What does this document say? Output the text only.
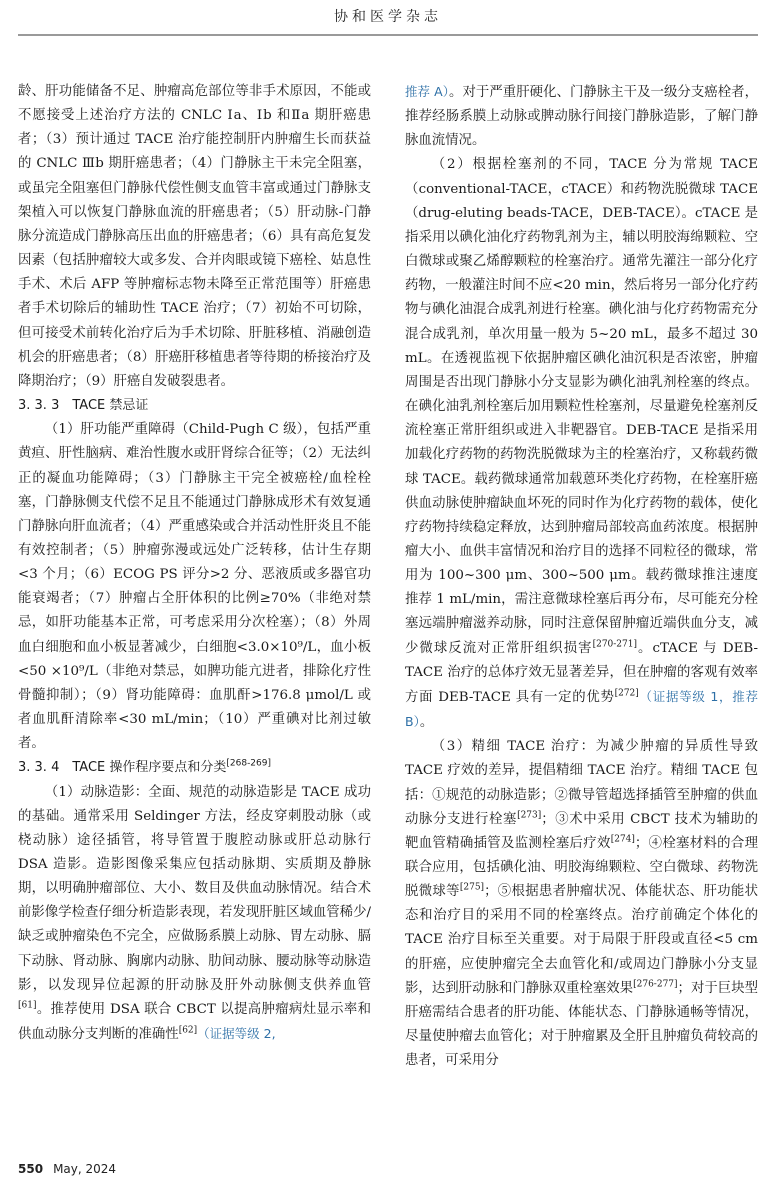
协和医学杂志

龄、肝功能储备不足、肿瘤高危部位等非手术原因，不能或不愿接受上述治疗方法的 CNLC Ⅰa、Ⅰb 和Ⅱa 期肝癌患者；（3）预计通过 TACE 治疗能控制肝内肿瘤生长而获益的 CNLC Ⅲb 期肝癌患者；（4）门静脉主干未完全阻塞，或虽完全阻塞但门静脉代偿性侧支血管丰富或通过门静脉支架植入可以恢复门静脉血流的肝癌患者；（5）肝动脉-门静脉分流造成门静脉高压出血的肝癌患者；（6）具有高危复发因素（包括肿瘤较大或多发、合并肉眼或镜下癌栓、姑息性手术、术后 AFP 等肿瘤标志物未降至正常范围等）肝癌患者手术切除后的辅助性 TACE 治疗；（7）初始不可切除，但可接受术前转化治疗后为手术切除、肝脏移植、消融创造机会的肝癌患者；（8）肝癌肝移植患者等待期的桥接治疗及降期治疗；（9）肝癌自发破裂患者。

3. 3. 3　TACE 禁忌证

（1）肝功能严重障碍（Child-Pugh C 级），包括严重黄疸、肝性脑病、难治性腹水或肝肾综合征等；（2）无法纠正的凝血功能障碍；（3）门静脉主干完全被癌栓/血栓栓塞，门静脉侧支代偿不足且不能通过门静脉成形术有效复通门静脉向肝血流者；（4）严重感染或合并活动性肝炎且不能有效控制者；（5）肿瘤弥漫或远处广泛转移，估计生存期<3 个月；（6）ECOG PS 评分>2 分、恶液质或多器官功能衰竭者；（7）肿瘤占全肝体积的比例≥70%（非绝对禁忌，如肝功能基本正常，可考虑采用分次栓塞）；（8）外周血白细胞和血小板显著减少，白细胞<3.0×10⁹/L，血小板<50 ×10⁹/L（非绝对禁忌，如脾功能亢进者，排除化疗性骨髓抑制）；（9）肾功能障碍：血肌酐>176.8 μmol/L 或者血肌酐清除率<30 mL/min；（10）严重碘对比剂过敏者。

3. 3. 4　TACE 操作程序要点和分类[268-269]

（1）动脉造影：全面、规范的动脉造影是 TACE 成功的基础。通常采用 Seldinger 方法，经皮穿刺股动脉（或桡动脉）途径插管，将导管置于腹腔动脉或肝总动脉行 DSA 造影。造影图像采集应包括动脉期、实质期及静脉期，以明确肿瘤部位、大小、数目及供血动脉情况。结合术前影像学检查仔细分析造影表现，若发现肝脏区域血管稀少/缺乏或肿瘤染色不完全，应做肠系膜上动脉、胃左动脉、膈下动脉、肾动脉、胸廓内动脉、肋间动脉、腰动脉等动脉造影，以发现异位起源的肝动脉及肝外动脉侧支供养血管[61]。推荐使用 DSA 联合 CBCT 以提高肿瘤病灶显示率和供血动脉分支判断的准确性[62]（证据等级 2,

推荐 A）。对于严重肝硬化、门静脉主干及一级分支癌栓者，推荐经肠系膜上动脉或脾动脉行间接门静脉造影，了解门静脉血流情况。

（2）根据栓塞剂的不同，TACE 分为常规 TACE（conventional-TACE，cTACE）和药物洗脱微球 TACE（drug-eluting beads-TACE，DEB-TACE）。cTACE 是指采用以碘化油化疗药物乳剂为主，辅以明胶海绵颗粒、空白微球或聚乙烯醇颗粒的栓塞治疗。通常先灌注一部分化疗药物，一般灌注时间不应<20 min，然后将另一部分化疗药物与碘化油混合成乳剂进行栓塞。碘化油与化疗药物需充分混合成乳剂，单次用量一般为 5~20 mL，最多不超过 30 mL。在透视监视下依据肿瘤区碘化油沉积是否浓密，肿瘤周围是否出现门静脉小分支显影为碘化油乳剂栓塞的终点。在碘化油乳剂栓塞后加用颗粒性栓塞剂，尽量避免栓塞剂反流栓塞正常肝组织或进入非靶器官。DEB-TACE 是指采用加载化疗药物的药物洗脱微球为主的栓塞治疗，又称载药微球 TACE。载药微球通常加载蒽环类化疗药物，在栓塞肝癌供血动脉使肿瘤缺血坏死的同时作为化疗药物的载体，使化疗药物持续稳定释放，达到肿瘤局部较高血药浓度。根据肿瘤大小、血供丰富情况和治疗目的选择不同粒径的微球，常用为 100~300 μm、300~500 μm。载药微球推注速度推荐 1 mL/min，需注意微球栓塞后再分布，尽可能充分栓塞远端肿瘤滋养动脉，同时注意保留肿瘤近端供血分支，减少微球反流对正常肝组织损害[270-271]。cTACE 与 DEB-TACE 治疗的总体疗效无显著差异，但在肿瘤的客观有效率方面 DEB-TACE 具有一定的优势[272]（证据等级 1，推荐 B）。

（3）精细 TACE 治疗：为减少肿瘤的异质性导致 TACE 疗效的差异，提倡精细 TACE 治疗。精细 TACE 包括：①规范的动脉造影；②微导管超选择插管至肿瘤的供血动脉分支进行栓塞[273]；③术中采用 CBCT 技术为辅助的靶血管精确插管及监测栓塞后疗效[274]；④栓塞材料的合理联合应用，包括碘化油、明胶海绵颗粒、空白微球、药物洗脱微球等[275]；⑤根据患者肿瘤状况、体能状态、肝功能状态和治疗目的采用不同的栓塞终点。治疗前确定个体化的 TACE 治疗目标至关重要。对于局限于肝段或直径<5 cm的肝癌，应使肿瘤完全去血管化和/或周边门静脉小分支显影，达到肝动脉和门静脉双重栓塞效果[276-277]；对于巨块型肝癌需结合患者的肝功能、体能状态、门静脉通畅等情况，尽量使肿瘤去血管化；对于肿瘤累及全肝且肿瘤负荷较高的患者，可采用分

550 May, 2024
